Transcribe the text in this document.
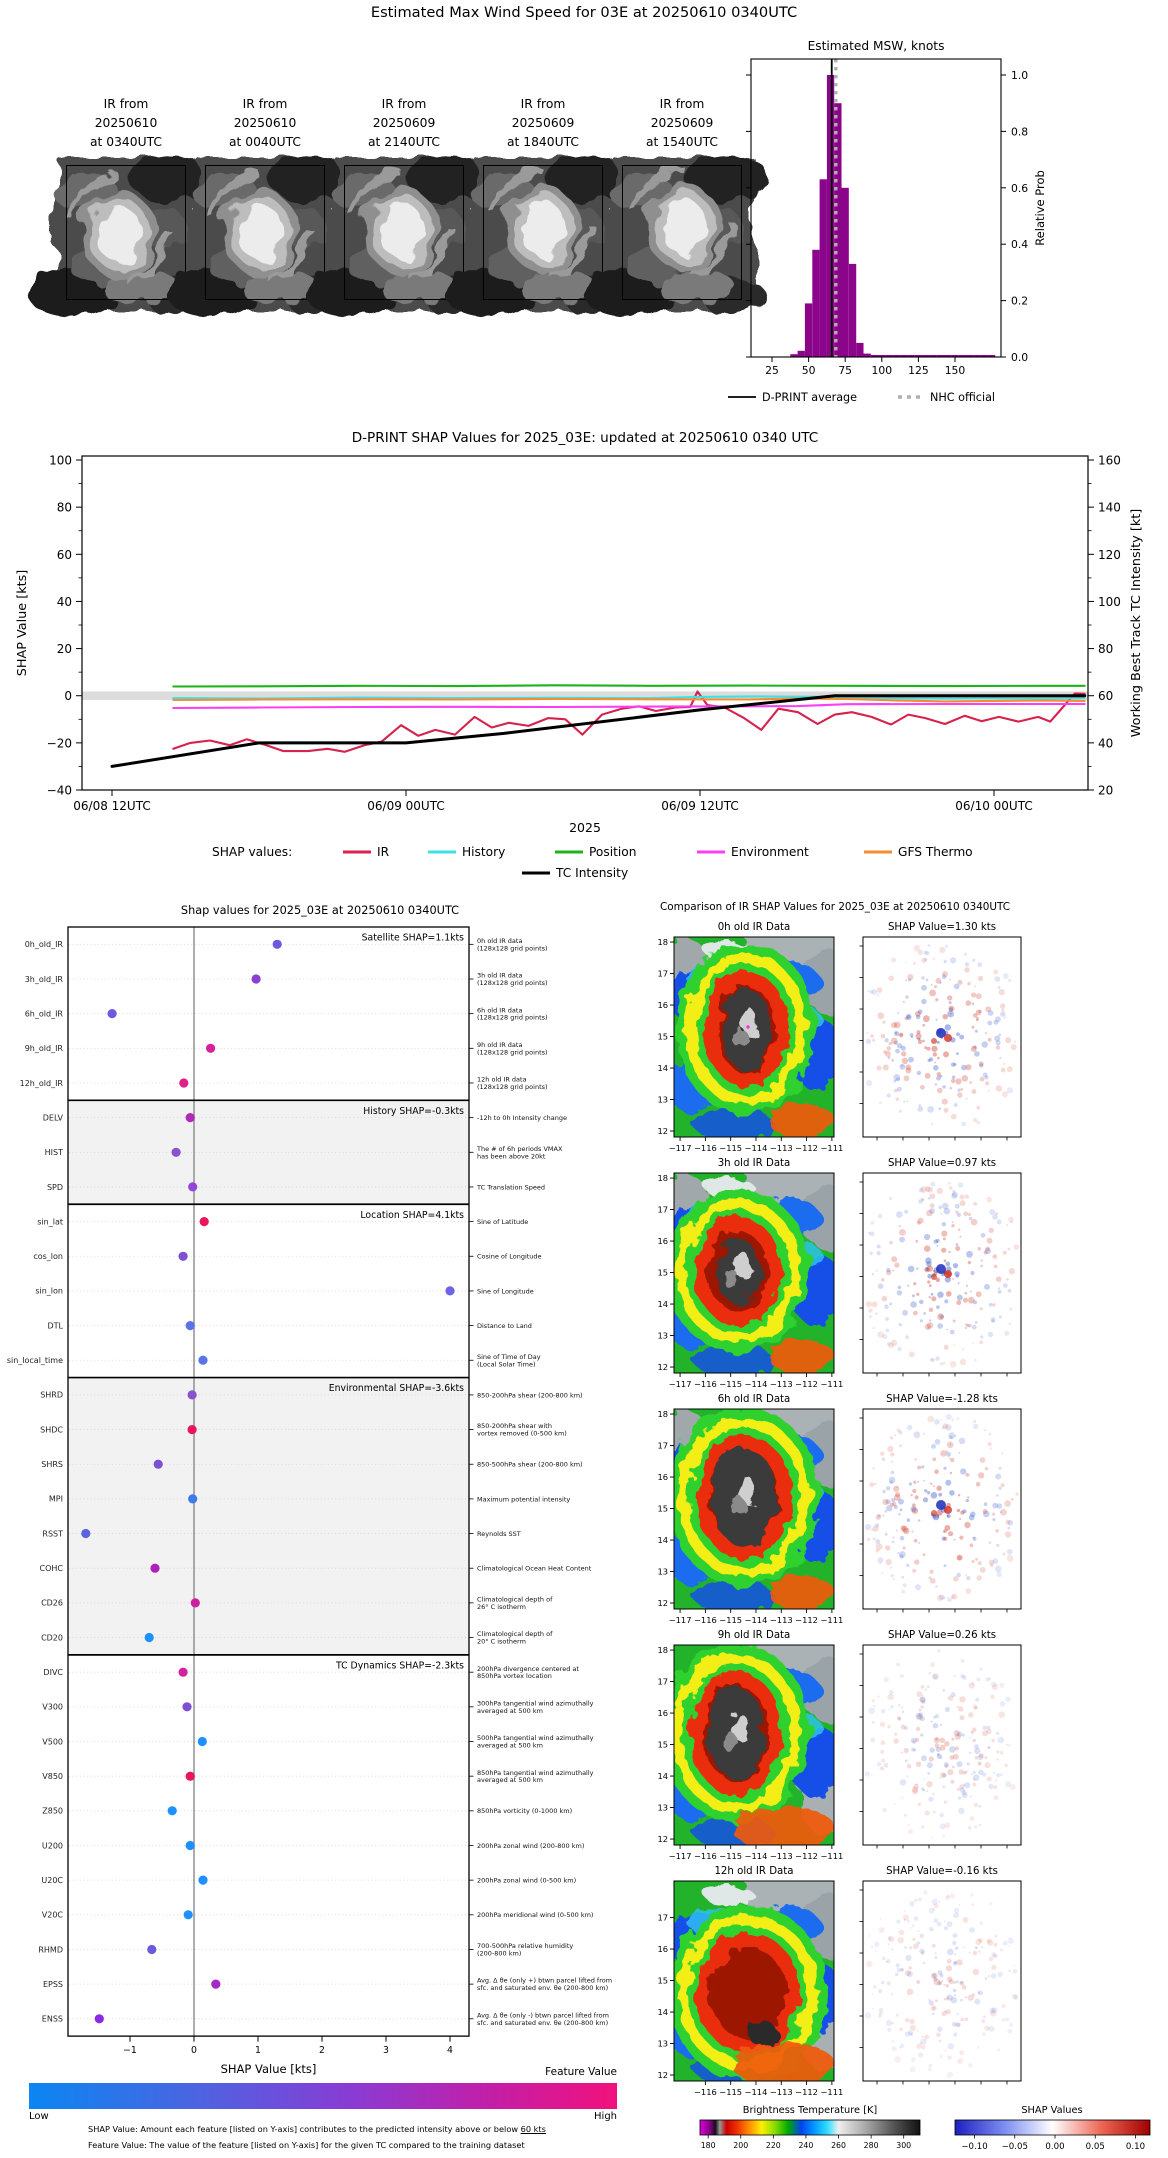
Estimated Max Wind Speed for 03E at 20250610 0340UTC
IR from
20250610
at 0340UTC
IR from
20250610
at 0040UTC
IR from
20250609
at 2140UTC
IR from
20250609
at 1840UTC
IR from
20250609
at 1540UTC
Estimated MSW, knots
25 50 75 100 125 150
0.0
0.2
0.4
0.6
0.8
1.0
Relative Prob
D-PRINT average	NHC official
D-PRINT SHAP Values for 2025_03E: updated at 20250610 0340 UTC
100
80
60
40
20
0
−20
−40
160
140
120
100
80
60
40
20
06/08 12UTC	06/09 00UTC	06/09 12UTC	06/10 00UTC
SHAP Value [kts]	Working Best Track TC Intensity [kt]
2025
SHAP values:	IR	History	Position	Environment	GFS Thermo
TC Intensity
Shap values for 2025_03E at 20250610 0340UTC
Satellite SHAP=1.1kts
0h_old_IR	0h old IR data
(128x128 grid points)
3h_old_IR	3h old IR data
(128x128 grid points)
6h_old_IR	6h old IR data
(128x128 grid points)
9h_old_IR	9h old IR data
(128x128 grid points)
12h_old_IR	12h old IR data
(128x128 grid points)
History SHAP=-0.3kts
DELV	-12h to 0h Intensity change
HIST	The # of 6h periods VMAX
has been above 20kt
SPD	TC Translation Speed
Location SHAP=4.1kts
sin_lat	Sine of Latitude
cos_lon	Cosine of Longitude
sin_lon	Sine of Longitude
DTL	Distance to Land
sin_local_time	Sine of Time of Day
(Local Solar Time)
Environmental SHAP=-3.6kts
SHRD	850-200hPa shear (200-800 km)
SHDC	850-200hPa shear with
vortex removed (0-500 km)
SHRS	850-500hPa shear (200-800 km)
MPI	Maximum potential intensity
RSST	Reynolds SST
COHC	Climatological Ocean Heat Content
CD26	Climatological depth of
26° C isotherm
CD20	Climatological depth of
20° C isotherm
TC Dynamics SHAP=-2.3kts
DIVC	200hPa divergence centered at
850hPa vortex location
V300	300hPa tangential wind azimuthally
averaged at 500 km
V500	500hPa tangential wind azimuthally
averaged at 500 km
V850	850hPa tangential wind azimuthally
averaged at 500 km
Z850	850hPa vorticity (0-1000 km)
U200	200hPa zonal wind (200-800 km)
U20C	200hPa zonal wind (0-500 km)
V20C	200hPa meridional wind (0-500 km)
RHMD	700-500hPa relative humidity
(200-800 km)
EPSS	Avg. Δ θe (only +) btwn parcel lifted from
sfc. and saturated env. θe (200-800 km)
ENSS	Avg. Δ θe (only -) btwn parcel lifted from
sfc. and saturated env. θe (200-800 km)
−1	0	1	2	3	4
SHAP Value [kts]	Feature Value
Low	High
SHAP Value: Amount each feature [listed on Y-axis] contributes to the predicted intensity above or below 60 kts
Feature Value: The value of the feature [listed on Y-axis] for the given TC compared to the training dataset
Comparison of IR SHAP Values for 2025_03E at 20250610 0340UTC
0h old IR Data	SHAP Value=1.30 kts
18
17
16
15
14
13
12
−117 −116 −115 −114 −113 −112 −111
3h old IR Data	SHAP Value=0.97 kts
18
17
16
15
14
13
12
−117 −116 −115 −114 −113 −112 −111
6h old IR Data	SHAP Value=-1.28 kts
18
17
16
15
14
13
12
−117 −116 −115 −114 −113 −112 −111
9h old IR Data	SHAP Value=0.26 kts
18
17
16
15
14
13
12
−117 −116 −115 −114 −113 −112 −111
12h old IR Data	SHAP Value=-0.16 kts
17
16
15
14
13
12
−116 −115 −114 −113 −112 −111
Brightness Temperature [K]
180 200 220 240 260 280 300
SHAP Values
−0.10 −0.05 0.00 0.05 0.10
